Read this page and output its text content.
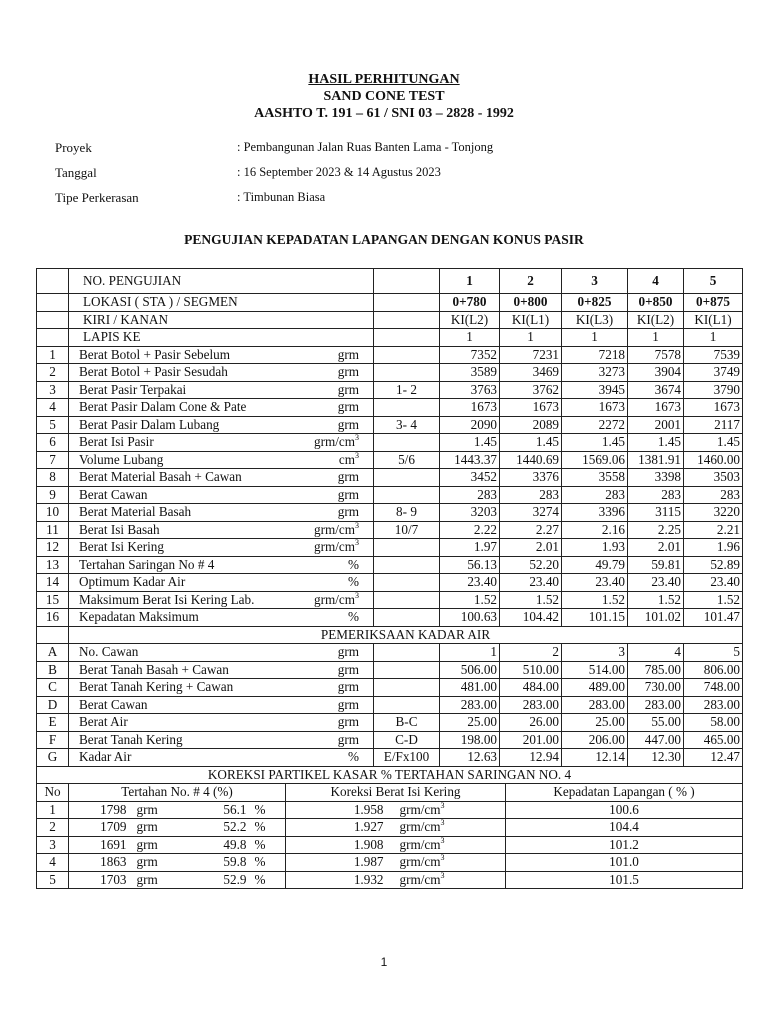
HASIL PERHITUNGAN
SAND CONE TEST
AASHTO T. 191 – 61 / SNI 03 – 2828 - 1992
Proyek	: Pembangunan Jalan Ruas Banten Lama - Tonjong
Tanggal	: 16 September 2023 & 14 Agustus 2023
Tipe Perkerasan	: Timbunan Biasa
PENGUJIAN KEPADATAN LAPANGAN DENGAN KONUS PASIR
	NO. PENGUJIAN			1	2	3	4	5
	LOKASI ( STA ) / SEGMEN			0+780	0+800	0+825	0+850	0+875
	KIRI / KANAN			KI(L2)	KI(L1)	KI(L3)	KI(L2)	KI(L1)
	LAPIS KE			1	1	1	1	1
1	Berat Botol + Pasir Sebelum	grm		7352	7231	7218	7578	7539
2	Berat Botol + Pasir Sesudah	grm		3589	3469	3273	3904	3749
3	Berat Pasir Terpakai	grm	1- 2	3763	3762	3945	3674	3790
4	Berat Pasir Dalam Cone & Pate	grm		1673	1673	1673	1673	1673
5	Berat Pasir Dalam Lubang	grm	3- 4	2090	2089	2272	2001	2117
6	Berat Isi Pasir	grm/$cm^3$		1.45	1.45	1.45	1.45	1.45
7	Volume Lubang	$cm^3$	5/6	1443.37	1440.69	1569.06	1381.91	1460.00
8	Berat Material Basah + Cawan	grm		3452	3376	3558	3398	3503
9	Berat Cawan	grm		283	283	283	283	283
10	Berat Material Basah	grm	8- 9	3203	3274	3396	3115	3220
11	Berat Isi Basah	grm/$cm^3$	10/7	2.22	2.27	2.16	2.25	2.21
12	Berat Isi Kering	grm/$cm^3$		1.97	2.01	1.93	2.01	1.96
13	Tertahan Saringan No # 4	%		56.13	52.20	49.79	59.81	52.89
14	Optimum Kadar Air	%		23.40	23.40	23.40	23.40	23.40
15	Maksimum Berat Isi Kering Lab.	grm/$cm^3$		1.52	1.52	1.52	1.52	1.52
16	Kepadatan Maksimum	%		100.63	104.42	101.15	101.02	101.47
	PEMERIKSAAN KADAR AIR							
A	No. Cawan	grm		1	2	3	4	5
B	Berat Tanah Basah + Cawan	grm		506.00	510.00	514.00	785.00	806.00
C	Berat Tanah Kering + Cawan	grm		481.00	484.00	489.00	730.00	748.00
D	Berat Cawan	grm		283.00	283.00	283.00	283.00	283.00
E	Berat Air	grm	B-C	25.00	26.00	25.00	55.00	58.00
F	Berat Tanah Kering	grm	C-D	198.00	201.00	206.00	447.00	465.00
G	Kadar Air	%	E/Fx100	12.63	12.94	12.14	12.30	12.47
KOREKSI PARTIKEL KASAR % TERTAHAN SARINGAN NO. 4								
No	Tertahan No. # 4 (%)				Koreksi Berat Isi Kering		Kepadatan Lapangan ( % )
1	1798	grm	56.1	%	1.958	grm/$cm^3$	100.6
2	1709	grm	52.2	%	1.927	grm/$cm^3$	104.4
3	1691	grm	49.8	%	1.908	grm/$cm^3$	101.2
4	1863	grm	59.8	%	1.987	grm/$cm^3$	101.0
5	1703	grm	52.9	%	1.932	grm/$cm^3$	101.5
1
